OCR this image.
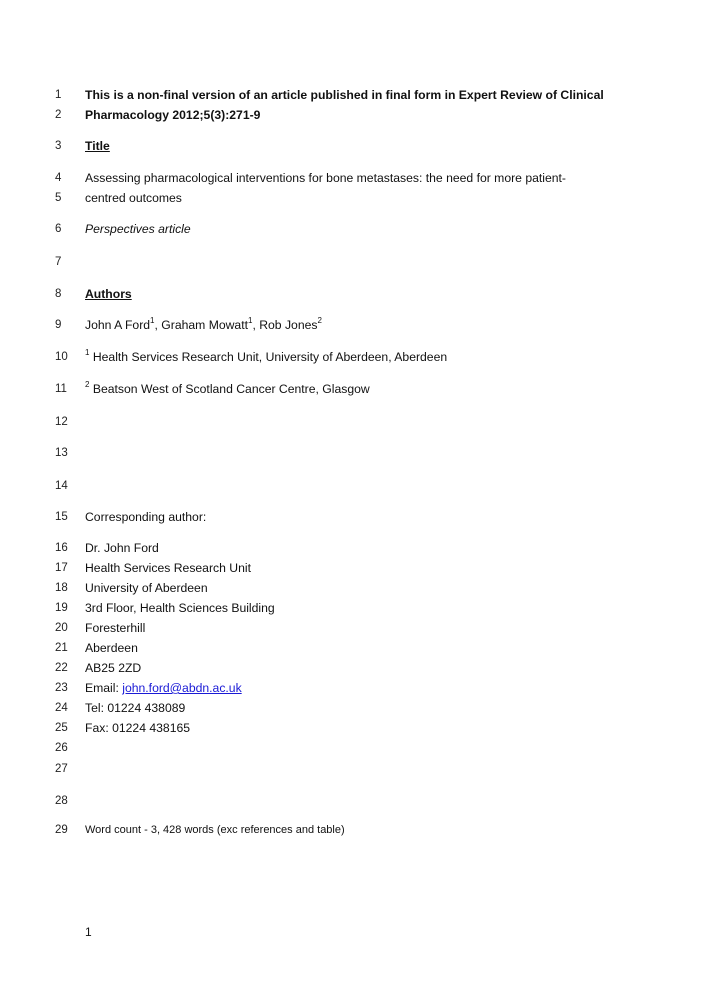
1	This is a non-final version of an article published in final form in Expert Review of Clinical
2	Pharmacology 2012;5(3):271-9
3	Title
4	Assessing pharmacological interventions for bone metastases: the need for more patient-
5	centred outcomes
6	Perspectives article
7
8	Authors
9	John A Ford$^1$, Graham Mowatt$^1$, Rob Jones$^2$
10	$^1$ Health Services Research Unit, University of Aberdeen, Aberdeen
11	$^2$ Beatson West of Scotland Cancer Centre, Glasgow
12
13
14
15	Corresponding author:
16	Dr. John Ford
17	Health Services Research Unit
18	University of Aberdeen
19	3rd Floor, Health Sciences Building
20	Foresterhill
21	Aberdeen
22	AB25 2ZD
23	Email: john.ford@abdn.ac.uk
24	Tel: 01224 438089
25	Fax: 01224 438165
26
27
28
29	Word count - 3, 428 words (exc references and table)
1
